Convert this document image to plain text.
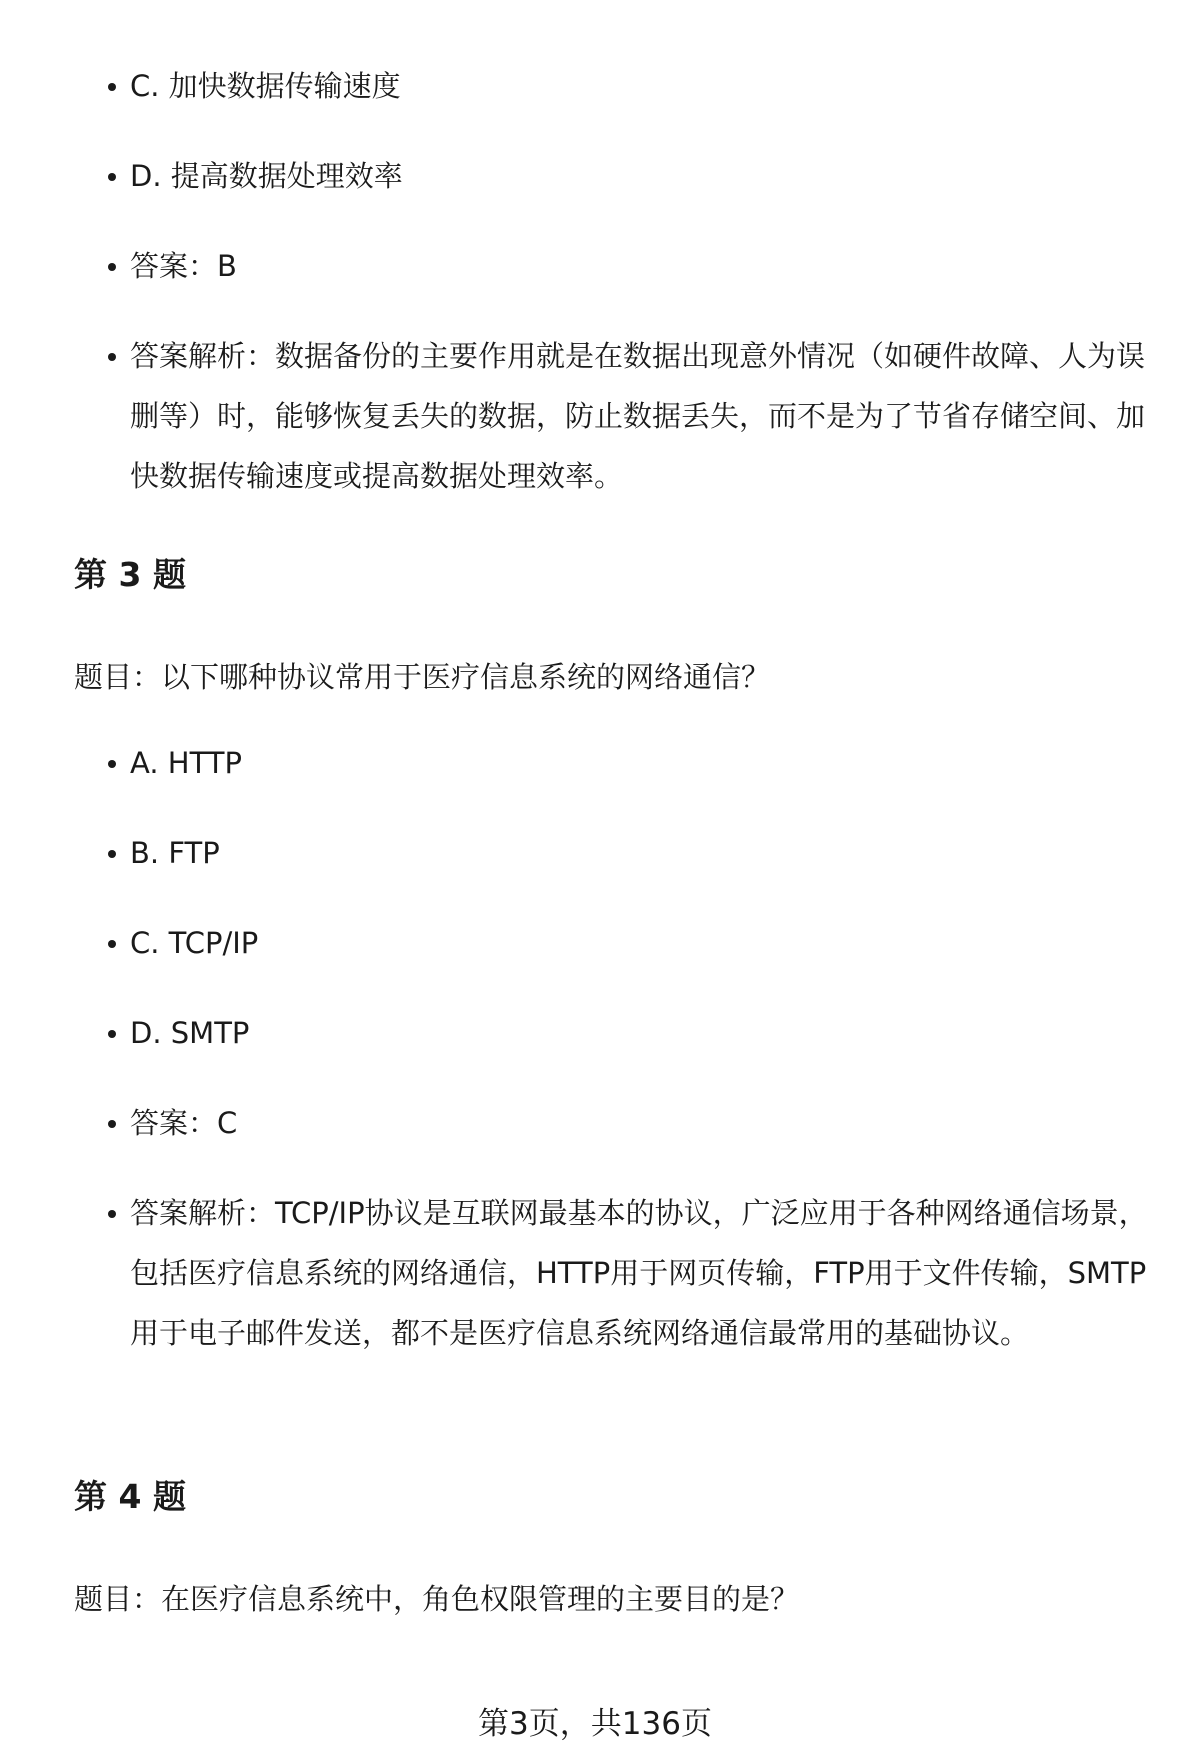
C. 加快数据传输速度
D. 提高数据处理效率
答案：B
答案解析：数据备份的主要作用就是在数据出现意外情况（如硬件故障、人为误删等）时，能够恢复丢失的数据，防止数据丢失，而不是为了节省存储空间、加快数据传输速度或提高数据处理效率。
第 3 题

题目：以下哪种协议常用于医疗信息系统的网络通信？

A. HTTP
B. FTP
C. TCP/IP
D. SMTP
答案：C
答案解析：TCP/IP协议是互联网最基本的协议，广泛应用于各种网络通信场景，包括医疗信息系统的网络通信，HTTP用于网页传输，FTP用于文件传输，SMTP用于电子邮件发送，都不是医疗信息系统网络通信最常用的基础协议。
第 4 题

题目：在医疗信息系统中，角色权限管理的主要目的是？

第3页，共136页
